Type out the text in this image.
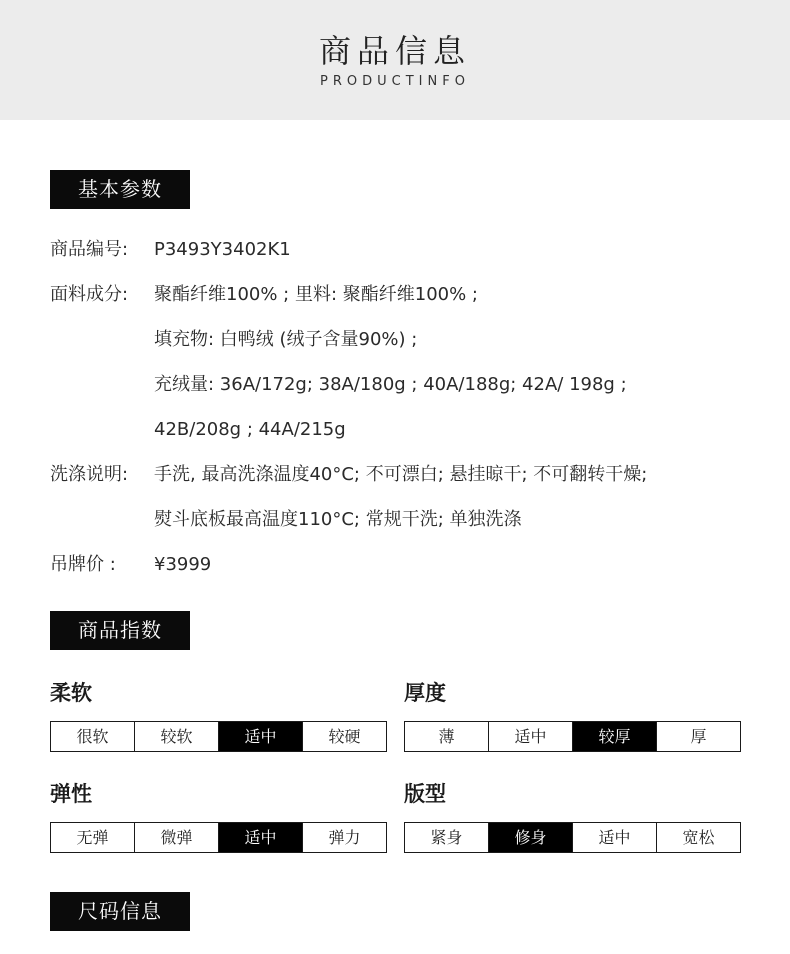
商品信息
PRODUCTINFO
基本参数
商品编号: P3493Y3402K1
面料成分: 聚酯纤维100% ; 里料: 聚酯纤维100% ;
填充物: 白鸭绒 (绒子含量90%) ;
充绒量: 36A/172g; 38A/180g ; 40A/188g; 42A/ 198g ;
42B/208g ; 44A/215g
洗涤说明: 手洗, 最高洗涤温度40°C; 不可漂白; 悬挂晾干; 不可翻转干燥;
熨斗底板最高温度110°C; 常规干洗; 单独洗涤
吊牌价 : ¥3999
商品指数
柔软
很软	较软	适中	较硬
厚度
薄	适中	较厚	厚
弹性
无弹	微弹	适中	弹力
版型
紧身	修身	适中	宽松
尺码信息
